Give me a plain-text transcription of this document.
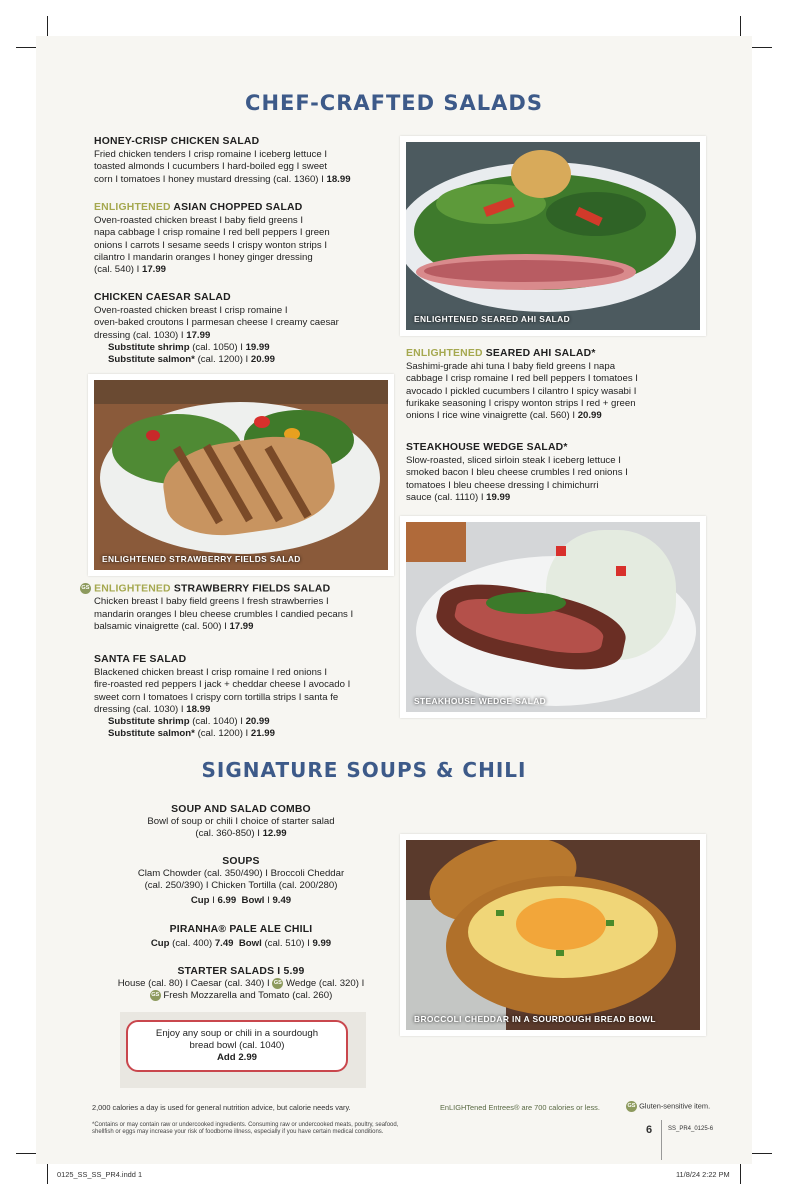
CHEF-CRAFTED SALADS
HONEY-CRISP CHICKEN SALAD
Fried chicken tenders I crisp romaine I iceberg lettuce I
toasted almonds I cucumbers I hard-boiled egg I sweet
corn I tomatoes I honey mustard dressing (cal. 1360) I 18.99
ENLIGHTENED ASIAN CHOPPED SALAD
Oven-roasted chicken breast I baby field greens I
napa cabbage I crisp romaine I red bell peppers I green
onions I carrots I sesame seeds I crispy wonton strips I
cilantro I mandarin oranges I honey ginger dressing
(cal. 540) I 17.99
CHICKEN CAESAR SALAD
Oven-roasted chicken breast I crisp romaine I
oven-baked croutons I parmesan cheese I creamy caesar
dressing (cal. 1030) I 17.99
Substitute shrimp (cal. 1050) I 19.99
Substitute salmon* (cal. 1200) I 20.99
ENLIGHTENED SEARED AHI SALAD
ENLIGHTENED SEARED AHI SALAD*
Sashimi-grade ahi tuna I baby field greens I napa
cabbage I crisp romaine I red bell peppers I tomatoes I
avocado I pickled cucumbers I cilantro I spicy wasabi I
furikake seasoning I crispy wonton strips I red + green
onions I rice wine vinaigrette (cal. 560) I 20.99
ENLIGHTENED STRAWBERRY FIELDS SALAD
STEAKHOUSE WEDGE SALAD*
Slow-roasted, sliced sirloin steak I iceberg lettuce I
smoked bacon I bleu cheese crumbles I red onions I
tomatoes I bleu cheese dressing I chimichurri
sauce (cal. 1110) I 19.99
STEAKHOUSE WEDGE SALAD
GS ENLIGHTENED STRAWBERRY FIELDS SALAD
Chicken breast I baby field greens I fresh strawberries I
mandarin oranges I bleu cheese crumbles I candied pecans I
balsamic vinaigrette (cal. 500) I 17.99
SANTA FE SALAD
Blackened chicken breast I crisp romaine I red onions I
fire-roasted red peppers I jack + cheddar cheese I avocado I
sweet corn I tomatoes I crispy corn tortilla strips I santa fe
dressing (cal. 1030) I 18.99
Substitute shrimp (cal. 1040) I 20.99
Substitute salmon* (cal. 1200) I 21.99
SIGNATURE SOUPS & CHILI
SOUP AND SALAD COMBO
Bowl of soup or chili I choice of starter salad
(cal. 360-850) I 12.99
SOUPS
Clam Chowder (cal. 350/490) I Broccoli Cheddar
(cal. 250/390) I Chicken Tortilla (cal. 200/280)
Cup I 6.99 Bowl I 9.49
PIRANHA® PALE ALE CHILI
Cup (cal. 400) 7.49 Bowl (cal. 510) I 9.99
STARTER SALADS I 5.99
House (cal. 80) I Caesar (cal. 340) I GS Wedge (cal. 320) I
GS Fresh Mozzarella and Tomato (cal. 260)
BROCCOLI CHEDDAR IN A SOURDOUGH BREAD BOWL
Enjoy any soup or chili in a sourdough
bread bowl (cal. 1040)
Add 2.99
2,000 calories a day is used for general nutrition advice, but calorie needs vary.	EnLIGHTened Entrees® are 700 calories or less.	GS Gluten-sensitive item.
*Contains or may contain raw or undercooked ingredients. Consuming raw or undercooked meats, poultry, seafood,
shellfish or eggs may increase your risk of foodborne illness, especially if you have certain medical conditions.	6	SS_PR4_0125-6
0125_SS_SS_PR4.indd 1	11/8/24 2:22 PM
